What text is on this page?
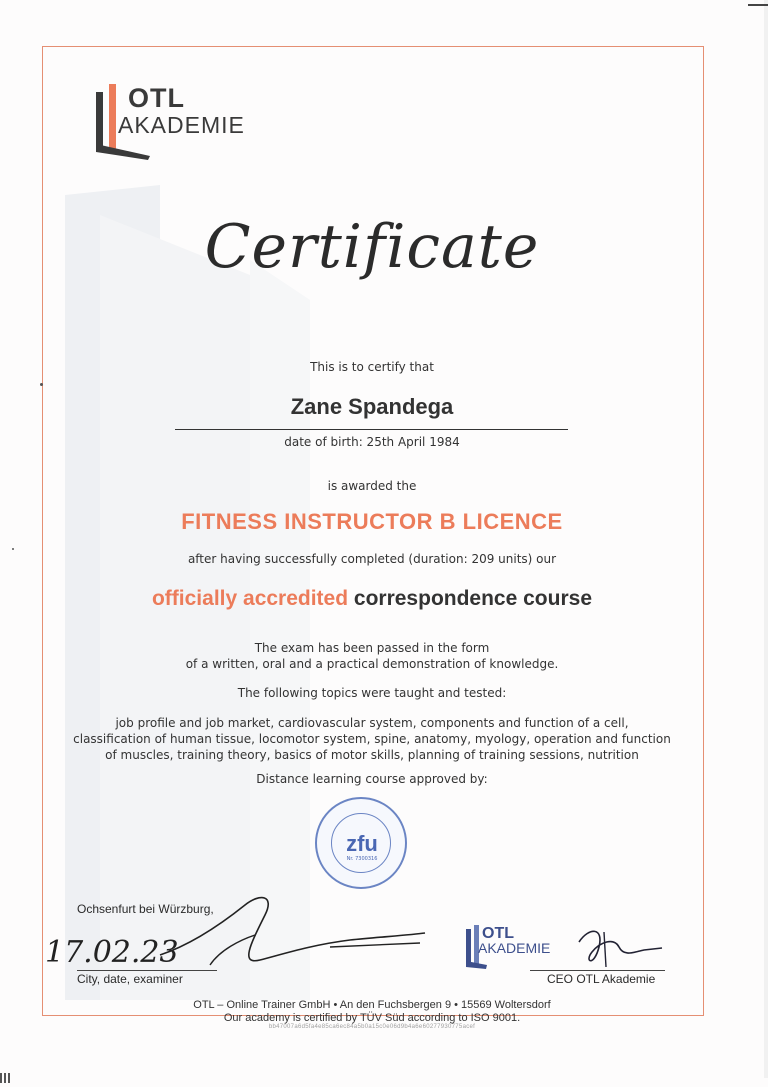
OTL
AKADEMIE
Certificate
This is to certify that
Zane Spandega
date of birth: 25th April 1984
is awarded the
FITNESS INSTRUCTOR B LICENCE
after having successfully completed (duration: 209 units) our
officially accredited correspondence course
The exam has been passed in the form
of a written, oral and a practical demonstration of knowledge.
The following topics were taught and tested:
job profile and job market, cardiovascular system, components and function of a cell,
classification of human tissue, locomotor system, spine, anatomy, myology, operation and function
of muscles, training theory, basics of motor skills, planning of training sessions, nutrition
Distance learning course approved by:
zfu
Nr. 7300316
Ochsenfurt bei Würzburg,
17.02.23
City, date, examiner
OTL
AKADEMIE
CEO OTL Akademie
OTL – Online Trainer GmbH • An den Fuchsbergen 9 • 15569 Woltersdorf
Our academy is certified by TÜV Süd according to ISO 9001.
bb47007a6d5fa4e85ca6ec84a5b0a15c0e06d9b4a6e60277930775acef
